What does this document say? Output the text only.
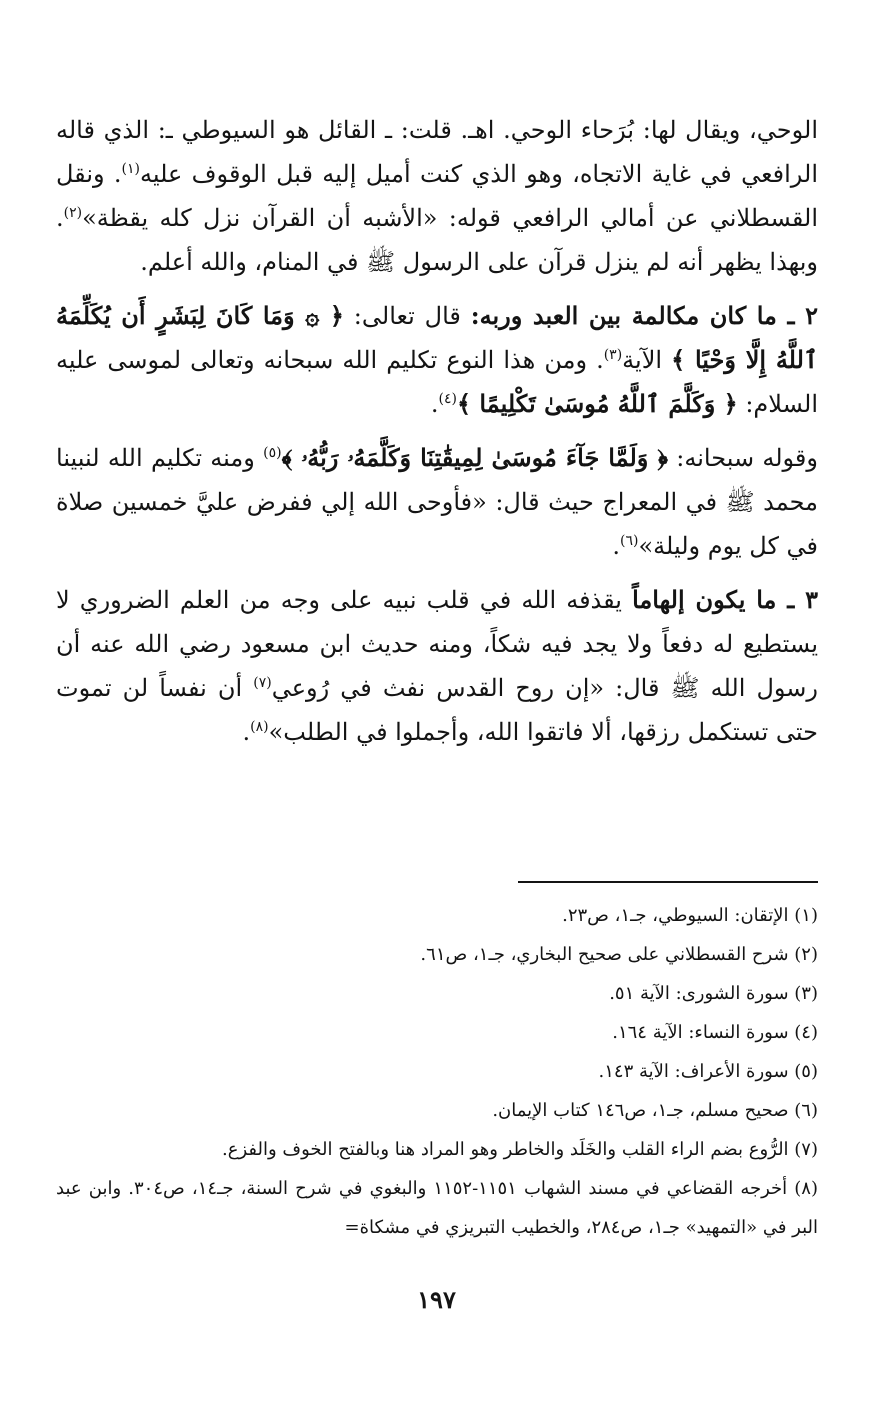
الوحي، ويقال لها: بُرَحاء الوحي. اهـ. قلت: ـ القائل هو السيوطي ـ: الذي قاله الرافعي في غاية الاتجاه، وهو الذي كنت أميل إليه قبل الوقوف عليه$^{(١)}$. ونقل القسطلاني عن أمالي الرافعي قوله: «الأشبه أن القرآن نزل كله يقظة»$^{(٢)}$. وبهذا يظهر أنه لم ينزل قرآن على الرسول ﷺ في المنام، والله أعلم.

٢ ـ ما كان مكالمة بين العبد وربه: قال تعالى: ﴿ ۞ وَمَا كَانَ لِبَشَرٍ أَن يُكَلِّمَهُ ٱللَّهُ إِلَّا وَحْيًا ﴾ الآية$^{(٣)}$. ومن هذا النوع تكليم الله سبحانه وتعالى لموسى عليه السلام: ﴿ وَكَلَّمَ ٱللَّهُ مُوسَىٰ تَكْلِيمًا ﴾$^{(٤)}$.

وقوله سبحانه: ﴿ وَلَمَّا جَآءَ مُوسَىٰ لِمِيقَٰتِنَا وَكَلَّمَهُۥ رَبُّهُۥ ﴾$^{(٥)}$ ومنه تكليم الله لنبينا محمد ﷺ في المعراج حيث قال: «فأوحى الله إلي ففرض عليَّ خمسين صلاة في كل يوم وليلة»$^{(٦)}$.

٣ ـ ما يكون إلهاماً يقذفه الله في قلب نبيه على وجه من العلم الضروري لا يستطيع له دفعاً ولا يجد فيه شكاً، ومنه حديث ابن مسعود رضي الله عنه أن رسول الله ﷺ قال: «إن روح القدس نفث في رُوعي$^{(٧)}$ أن نفساً لن تموت حتى تستكمل رزقها، ألا فاتقوا الله، وأجملوا في الطلب»$^{(٨)}$.

(١) الإتقان: السيوطي، جـ١، ص٢٣.

(٢) شرح القسطلاني على صحيح البخاري، جـ١، ص٦١.

(٣) سورة الشورى: الآية ٥١.

(٤) سورة النساء: الآية ١٦٤.

(٥) سورة الأعراف: الآية ١٤٣.

(٦) صحيح مسلم، جـ١، ص١٤٦ كتاب الإيمان.

(٧) الرُّوع بضم الراء القلب والخَلَد والخاطر وهو المراد هنا وبالفتح الخوف والفزع.

(٨) أخرجه القضاعي في مسند الشهاب ١١٥١-١١٥٢ والبغوي في شرح السنة، جـ١٤، ص٣٠٤. وابن عبد البر في «التمهيد» جـ١، ص٢٨٤، والخطيب التبريزي في مشكاة=

١٩٧
